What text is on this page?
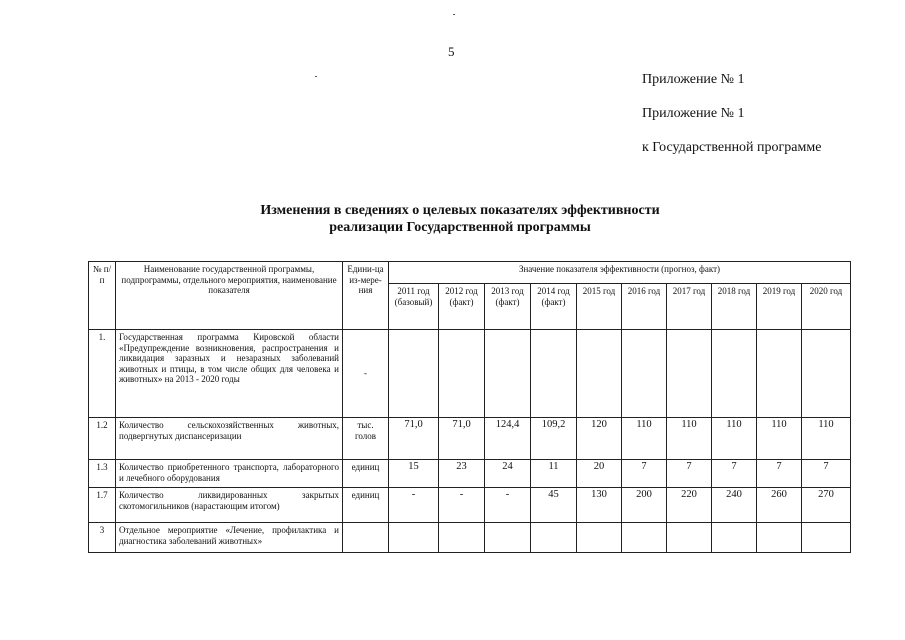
5
Приложение № 1
Приложение № 1
к Государственной программе
Изменения в сведениях о целевых показателях эффективности
реализации Государственной программы
№ п/п	Наименование государственной программы, подпрограммы, отдельного мероприятия, наименование показателя	Едини-ца из-мере-ния	Значение показателя эффективности (прогноз, факт)									
			2011 год (базовый)	2012 год (факт)	2013 год (факт)	2014 год (факт)	2015 год	2016 год	2017 год	2018 год	2019 год	2020 год
1.	Государственная программа Кировской области «Предупреждение возникновения, распространения и ликвидация заразных и незаразных заболеваний животных и птицы, в том числе общих для человека и животных» на 2013 - 2020 годы	-										
1.2	Количество сельскохозяйственных животных, подвергнутых диспансеризации	тыс. голов	71,0	71,0	124,4	109,2	120	110	110	110	110	110
1.3	Количество приобретенного транспорта, лабораторного и лечебного оборудования	единиц	15	23	24	11	20	7	7	7	7	7
1.7	Количество ликвидированных закрытых скотомогильников (нарастающим итогом)	единиц	-	-	-	45	130	200	220	240	260	270
3	Отдельное мероприятие «Лечение, профилактика и диагностика заболеваний животных»											
